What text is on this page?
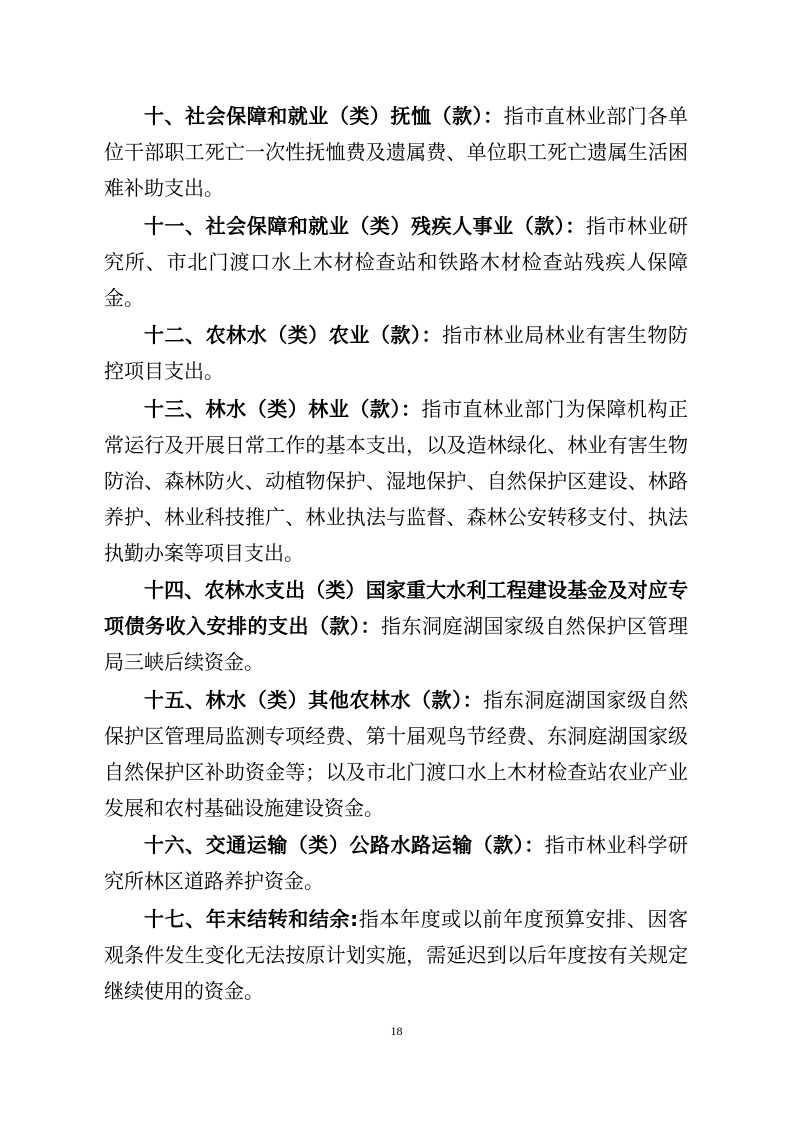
十、社会保障和就业（类）抚恤（款）：指市直林业部门各单位干部职工死亡一次性抚恤费及遗属费、单位职工死亡遗属生活困难补助支出。

十一、社会保障和就业（类）残疾人事业（款）：指市林业研究所、市北门渡口水上木材检查站和铁路木材检查站残疾人保障金。

十二、农林水（类）农业（款）：指市林业局林业有害生物防控项目支出。

十三、林水（类）林业（款）：指市直林业部门为保障机构正常运行及开展日常工作的基本支出，以及造林绿化、林业有害生物防治、森林防火、动植物保护、湿地保护、自然保护区建设、林路养护、林业科技推广、林业执法与监督、森林公安转移支付、执法执勤办案等项目支出。

十四、农林水支出（类）国家重大水利工程建设基金及对应专项债务收入安排的支出（款）：指东洞庭湖国家级自然保护区管理局三峡后续资金。

十五、林水（类）其他农林水（款）：指东洞庭湖国家级自然保护区管理局监测专项经费、第十届观鸟节经费、东洞庭湖国家级自然保护区补助资金等；以及市北门渡口水上木材检查站农业产业发展和农村基础设施建设资金。

十六、交通运输（类）公路水路运输（款）：指市林业科学研究所林区道路养护资金。

十七、年末结转和结余:指本年度或以前年度预算安排、因客观条件发生变化无法按原计划实施，需延迟到以后年度按有关规定继续使用的资金。

18
